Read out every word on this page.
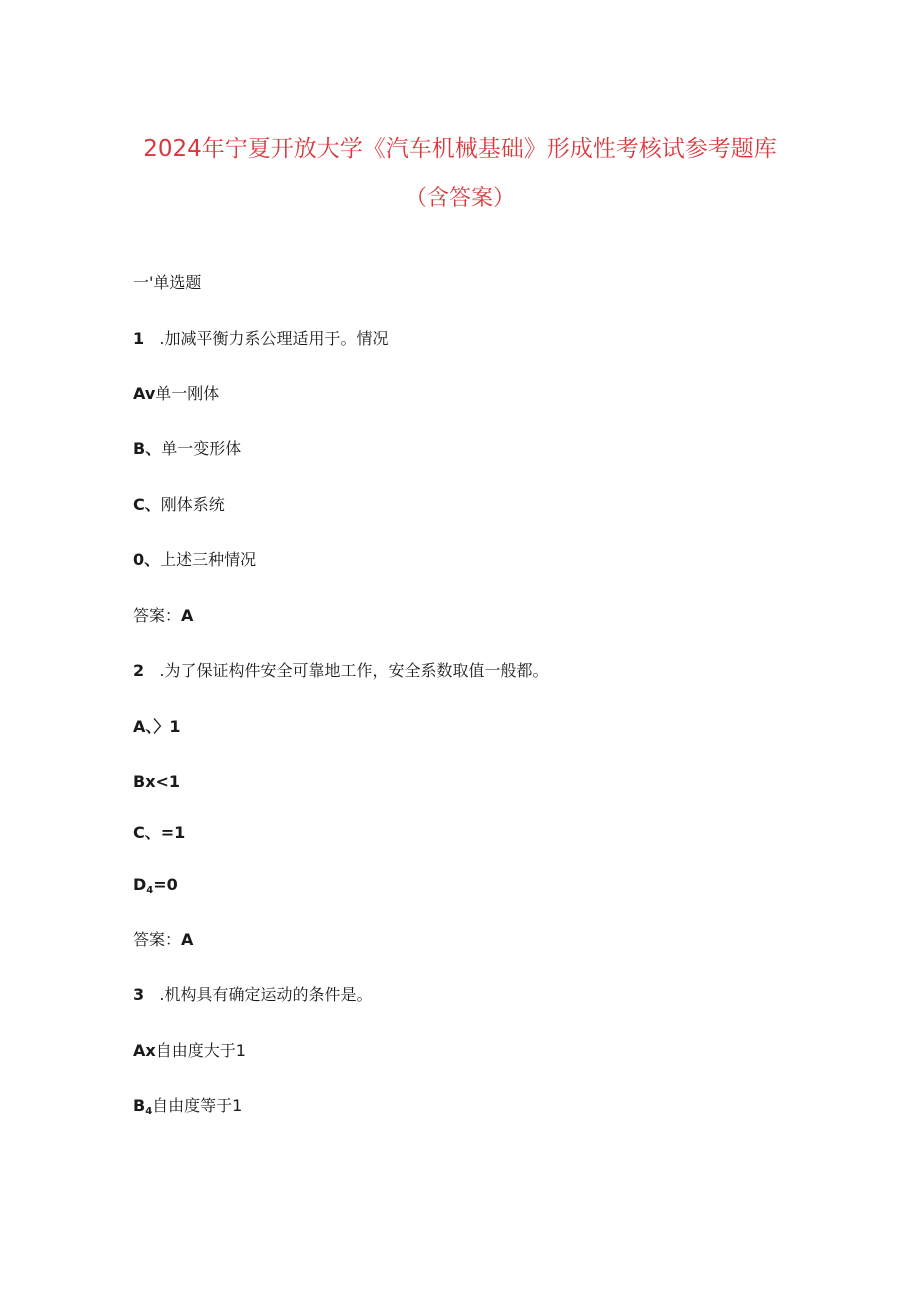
2024年宁夏开放大学《汽车机械基础》形成性考核试参考题库
（含答案）
一'单选题
1 .加减平衡力系公理适用于。情况
Av单一刚体
B、单一变形体
C、刚体系统
0、上述三种情况
答案：A
2 .为了保证构件安全可靠地工作，安全系数取值一般都。
A、〉1
Bx<1
C、=1
$D_4=0$
答案：A
3 .机构具有确定运动的条件是。
Ax自由度大于1
$B_4$自由度等于1
